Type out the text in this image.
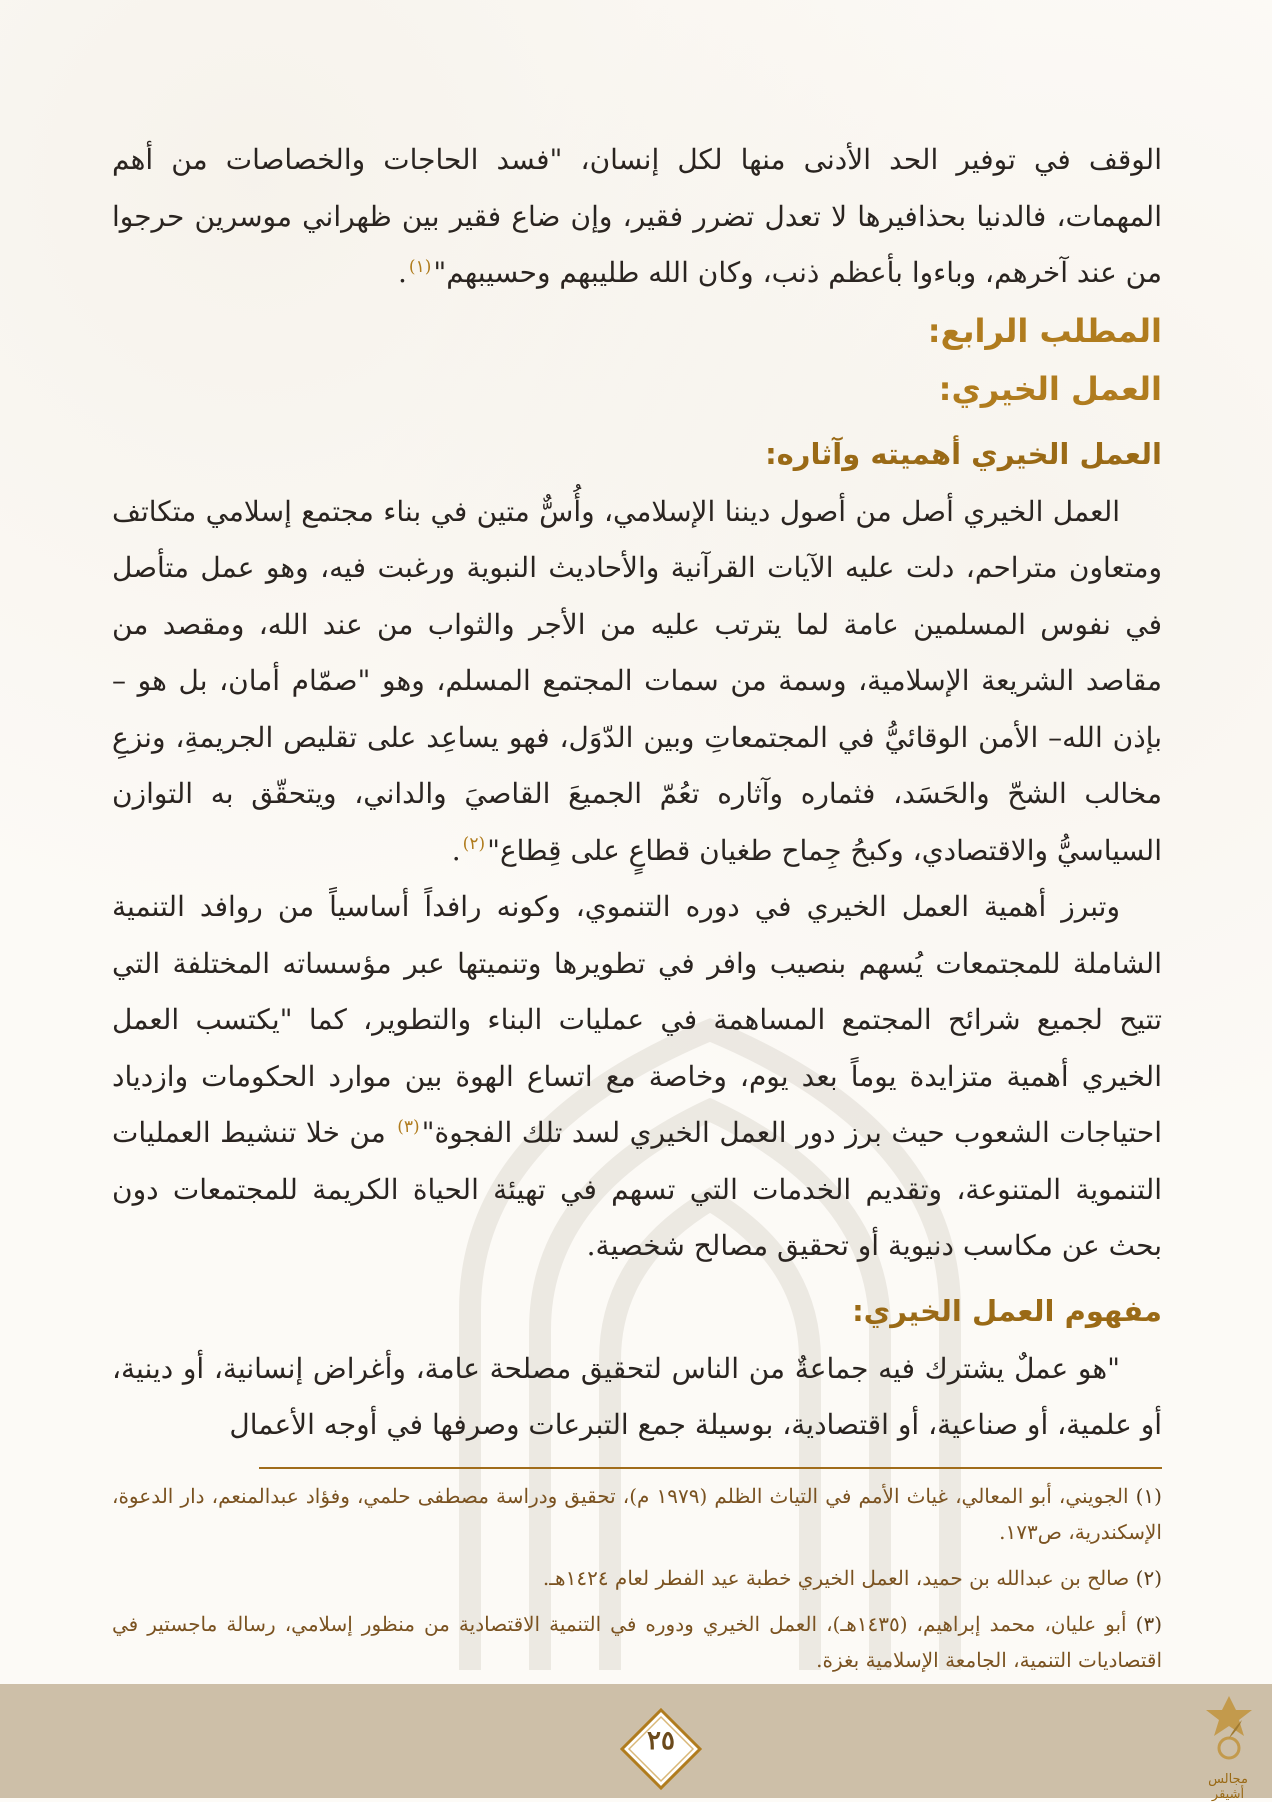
الوقف في توفير الحد الأدنى منها لكل إنسان، "فسد الحاجات والخصاصات من أهم المهمات، فالدنيا بحذافيرها لا تعدل تضرر فقير، وإن ضاع فقير بين ظهراني موسرين حرجوا من عند آخرهم، وباءوا بأعظم ذنب، وكان الله طليبهم وحسيبهم"$^{(١)}$.

المطلب الرابع:
العمل الخيري:
العمل الخيري أهميته وآثاره:

العمل الخيري أصل من أصول ديننا الإسلامي، وأُسٌّ متين في بناء مجتمع إسلامي متكاتف ومتعاون متراحم، دلت عليه الآيات القرآنية والأحاديث النبوية ورغبت فيه، وهو عمل متأصل في نفوس المسلمين عامة لما يترتب عليه من الأجر والثواب من عند الله، ومقصد من مقاصد الشريعة الإسلامية، وسمة من سمات المجتمع المسلم، وهو "صمّام أمان، بل هو –بإذن الله– الأمن الوقائيُّ في المجتمعاتِ وبين الدّوَل، فهو يساعِد على تقليص الجريمةِ، ونزعِ مخالب الشحّ والحَسَد، فثماره وآثاره تعُمّ الجميعَ القاصيَ والداني، ويتحقّق به التوازن السياسيُّ والاقتصادي، وكبحُ جِماح طغيان قطاعٍ على قِطاع"$^{(٢)}$.

وتبرز أهمية العمل الخيري في دوره التنموي، وكونه رافداً أساسياً من روافد التنمية الشاملة للمجتمعات يُسهم بنصيب وافر في تطويرها وتنميتها عبر مؤسساته المختلفة التي تتيح لجميع شرائح المجتمع المساهمة في عمليات البناء والتطوير، كما "يكتسب العمل الخيري أهمية متزايدة يوماً بعد يوم، وخاصة مع اتساع الهوة بين موارد الحكومات وازدياد احتياجات الشعوب حيث برز دور العمل الخيري لسد تلك الفجوة"$^{(٣)}$ من خلا تنشيط العمليات التنموية المتنوعة، وتقديم الخدمات التي تسهم في تهيئة الحياة الكريمة للمجتمعات دون بحث عن مكاسب دنيوية أو تحقيق مصالح شخصية.

مفهوم العمل الخيري:

"هو عملٌ يشترك فيه جماعةٌ من الناس لتحقيق مصلحة عامة، وأغراض إنسانية، أو دينية، أو علمية، أو صناعية، أو اقتصادية، بوسيلة جمع التبرعات وصرفها في أوجه الأعمال

(١) الجويني، أبو المعالي، غياث الأمم في التياث الظلم (١٩٧٩ م)، تحقيق ودراسة مصطفى حلمي، وفؤاد عبدالمنعم، دار الدعوة، الإسكندرية، ص١٧٣.

(٢) صالح بن عبدالله بن حميد، العمل الخيري خطبة عيد الفطر لعام ١٤٢٤هـ.

(٣) أبو عليان، محمد إبراهيم، (١٤٣٥هـ)، العمل الخيري ودوره في التنمية الاقتصادية من منظور إسلامي، رسالة ماجستير في اقتصاديات التنمية، الجامعة الإسلامية بغزة.

٢٥
مجالس أشيقر
